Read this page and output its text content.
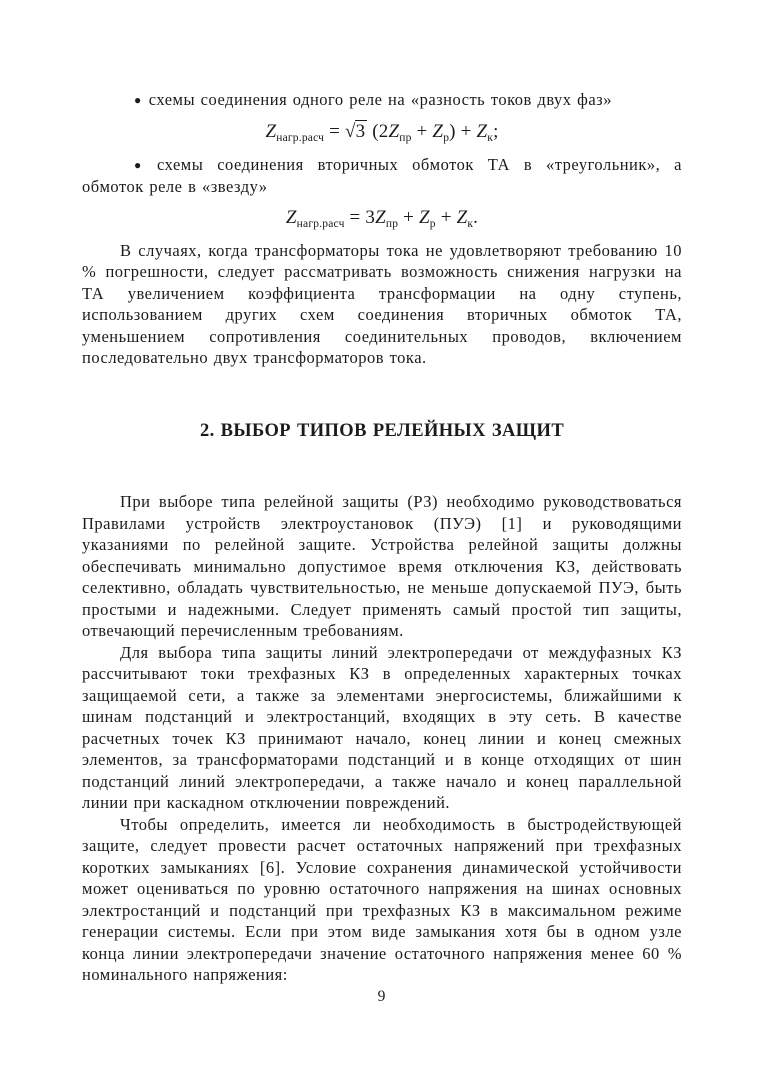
● схемы соединения одного реле на «разность токов двух фаз»

$Z_{нагр.расч} = √3$ $(2Z_{пр} + Z_р) + Z_к$;

● схемы соединения вторичных обмоток ТА в «треугольник», а обмоток реле в «звезду»

$Z_{нагр.расч} = 3Z_{пр} + Z_р + Z_к$.

В случаях, когда трансформаторы тока не удовлетворяют требованию 10 % погрешности, следует рассматривать возможность снижения нагрузки на ТА увеличением коэффициента трансформации на одну ступень, использованием других схем соединения вторичных обмоток ТА, уменьшением сопротивления соединительных проводов, включением последовательно двух трансформаторов тока.

2. ВЫБОР ТИПОВ РЕЛЕЙНЫХ ЗАЩИТ

При выборе типа релейной защиты (РЗ) необходимо руководствоваться Правилами устройств электроустановок (ПУЭ) [1] и руководящими указаниями по релейной защите. Устройства релейной защиты должны обеспечивать минимально допустимое время отключения КЗ, действовать селективно, обладать чувствительностью, не меньше допускаемой ПУЭ, быть простыми и надежными. Следует применять самый простой тип защиты, отвечающий перечисленным требованиям.

Для выбора типа защиты линий электропередачи от междуфазных КЗ рассчитывают токи трехфазных КЗ в определенных характерных точках защищаемой сети, а также за элементами энергосистемы, ближайшими к шинам подстанций и электростанций, входящих в эту сеть. В качестве расчетных точек КЗ принимают начало, конец линии и конец смежных элементов, за трансформаторами подстанций и в конце отходящих от шин подстанций линий электропередачи, а также начало и конец параллельной линии при каскадном отключении повреждений.

Чтобы определить, имеется ли необходимость в быстродействующей защите, следует провести расчет остаточных напряжений при трехфазных коротких замыканиях [6]. Условие сохранения динамической устойчивости может оцениваться по уровню остаточного напряжения на шинах основных электростанций и подстанций при трехфазных КЗ в максимальном режиме генерации системы. Если при этом виде замыкания хотя бы в одном узле конца линии электропередачи значение остаточного напряжения менее 60 % номинального напряжения:

9
